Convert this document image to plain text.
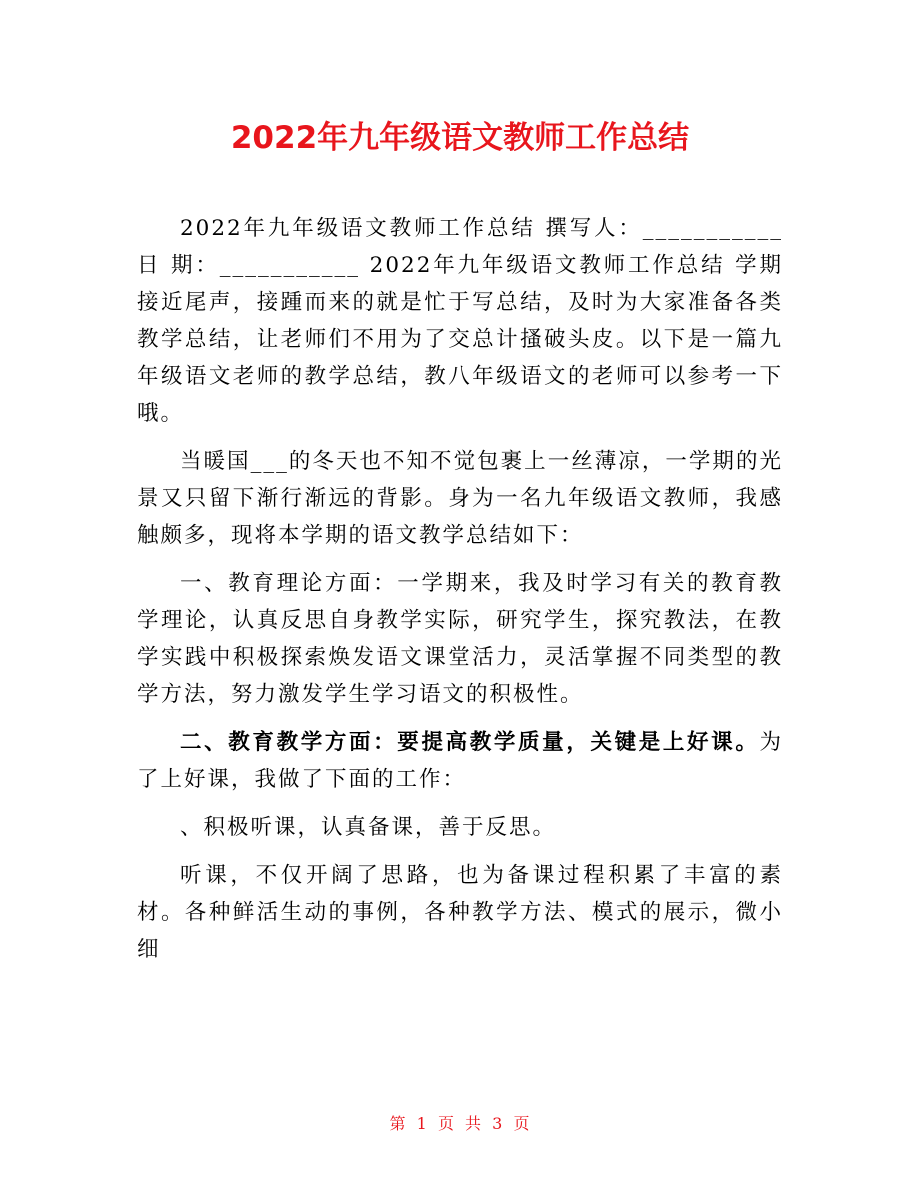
2022年九年级语文教师工作总结
2022年九年级语文教师工作总结 撰写人：___________ 日 期：___________ 2022年九年级语文教师工作总结 学期接近尾声，接踵而来的就是忙于写总结，及时为大家准备各类教学总结，让老师们不用为了交总计搔破头皮。以下是一篇九年级语文老师的教学总结，教八年级语文的老师可以参考一下哦。

当暖国___的冬天也不知不觉包裹上一丝薄凉，一学期的光景又只留下渐行渐远的背影。身为一名九年级语文教师，我感触颇多，现将本学期的语文教学总结如下：

一、教育理论方面：一学期来，我及时学习有关的教育教学理论，认真反思自身教学实际，研究学生，探究教法，在教学实践中积极探索焕发语文课堂活力，灵活掌握不同类型的教学方法，努力激发学生学习语文的积极性。

二、教育教学方面：要提高教学质量，关键是上好课。为了上好课，我做了下面的工作：

、积极听课，认真备课，善于反思。

听课，不仅开阔了思路，也为备课过程积累了丰富的素材。各种鲜活生动的事例，各种教学方法、模式的展示，微小细

第 1 页 共 3 页
